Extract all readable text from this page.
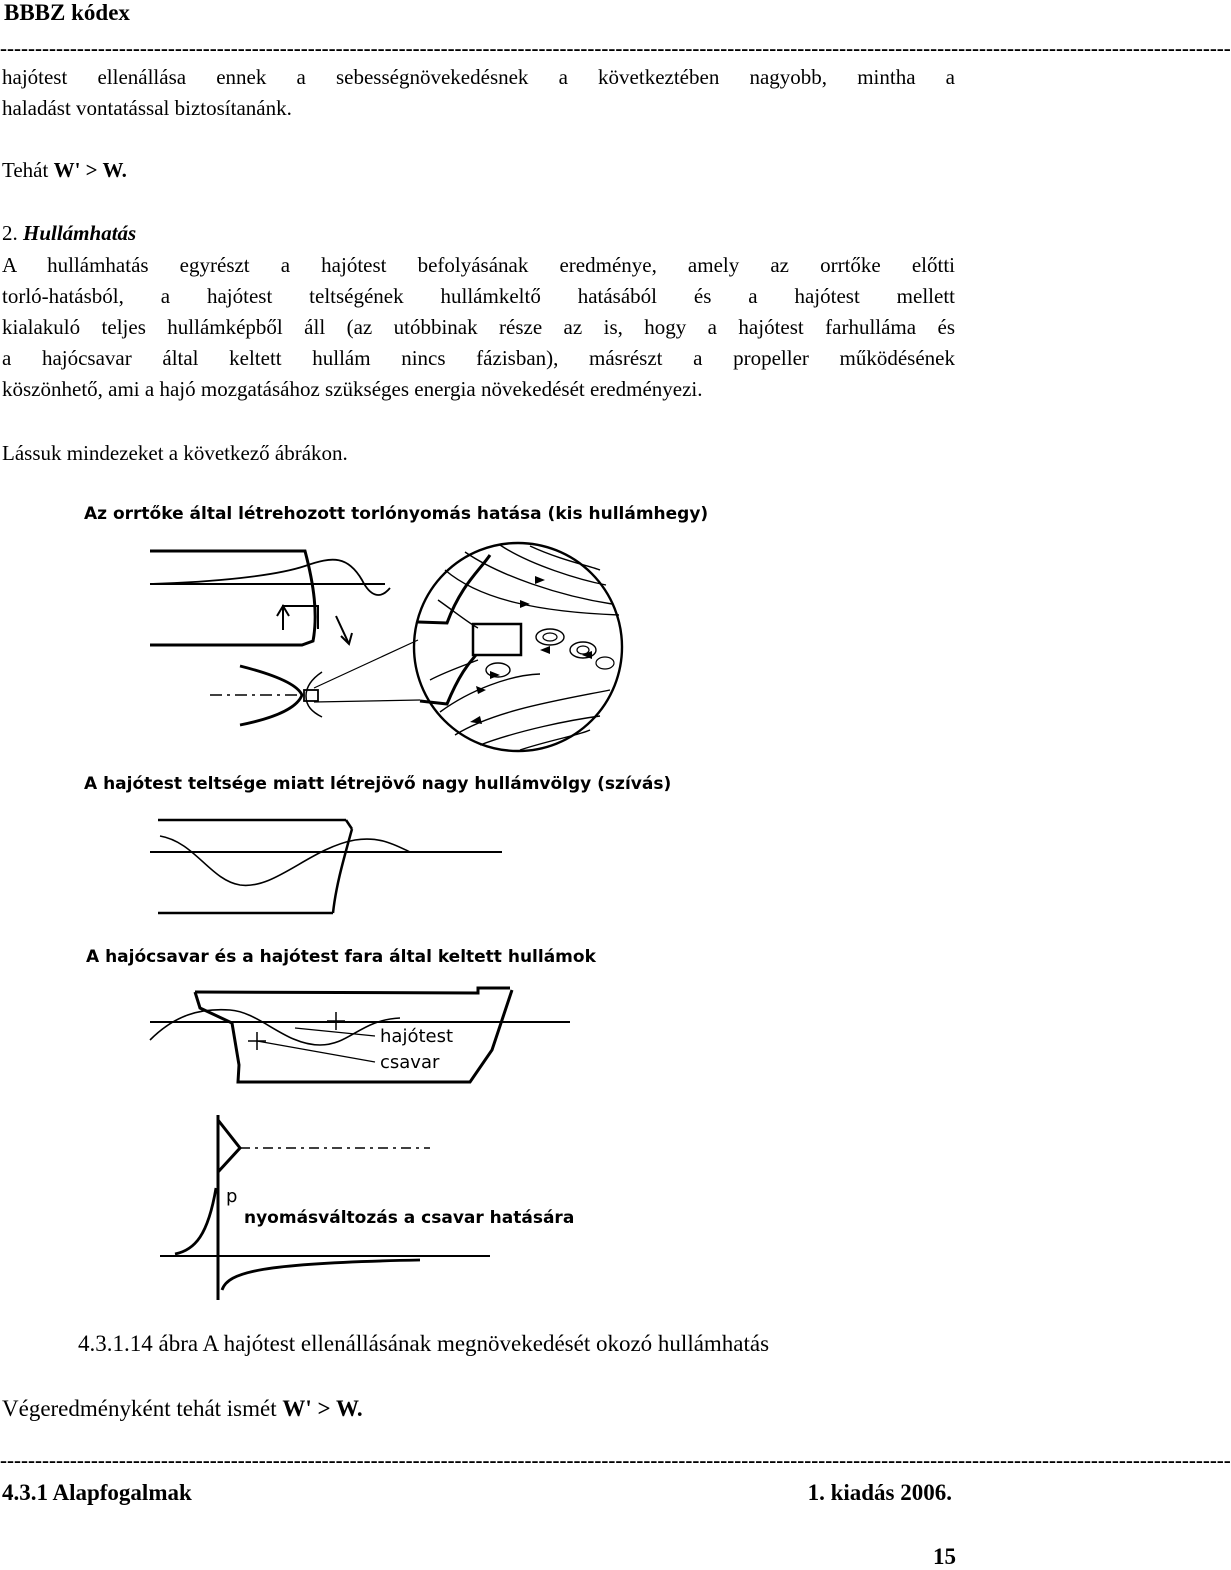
BBBZ kódex
--------------------------------------------------------------------------------------------------------------------------------------------------------------------------------
hajótest ellenállása ennek a sebességnövekedésnek a következtében nagyobb, mintha a
haladást vontatással biztosítanánk.
Tehát W' > W.
2. Hullámhatás
A hullámhatás egyrészt a hajótest befolyásának eredménye, amely az orrtőke előtti
torló-hatásból, a hajótest teltségének hullámkeltő hatásából és a hajótest mellett
kialakuló teljes hullámképből áll (az utóbbinak része az is, hogy a hajótest farhulláma és
a hajócsavar által keltett hullám nincs fázisban), másrészt a propeller működésének
köszönhető, ami a hajó mozgatásához szükséges energia növekedését eredményezi.
Lássuk mindezeket a következő ábrákon.
Az orrtőke által létrehozott torlónyomás hatása (kis hullámhegy)
A hajótest teltsége miatt létrejövő nagy hullámvölgy (szívás)
A hajócsavar és a hajótest fara által keltett hullámok
hajótest
csavar
p
nyomásváltozás a csavar hatására
4.3.1.14 ábra A hajótest ellenállásának megnövekedését okozó hullámhatás
Végeredményként tehát ismét W' > W.
--------------------------------------------------------------------------------------------------------------------------------------------------------------------------------
4.3.1 Alapfogalmak	1. kiadás 2006.
15
